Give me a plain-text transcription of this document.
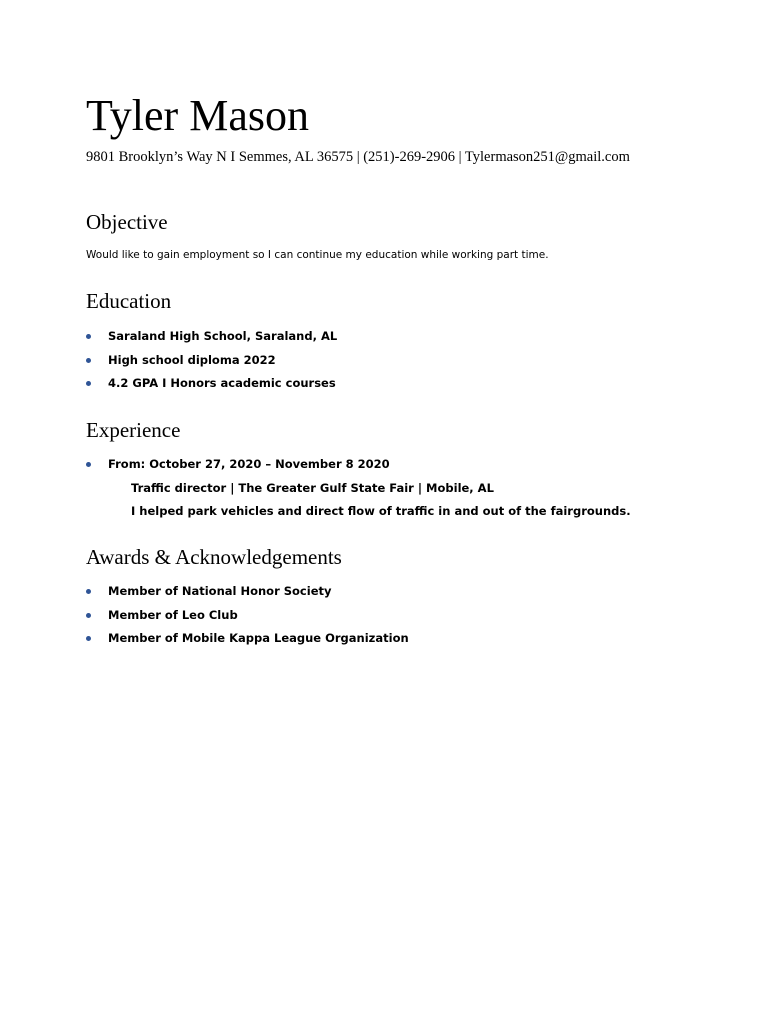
Tyler Mason
9801 Brooklyn’s Way N I Semmes, AL 36575 | (251)-269-2906 | Tylermason251@gmail.com
Objective
Would like to gain employment so I can continue my education while working part time.
Education
Saraland High School, Saraland, AL
High school diploma 2022
4.2 GPA I Honors academic courses
Experience
From: October 27, 2020 – November 8 2020
Traffic director | The Greater Gulf State Fair | Mobile, AL
I helped park vehicles and direct flow of traffic in and out of the fairgrounds.
Awards & Acknowledgements
Member of National Honor Society
Member of Leo Club
Member of Mobile Kappa League Organization
